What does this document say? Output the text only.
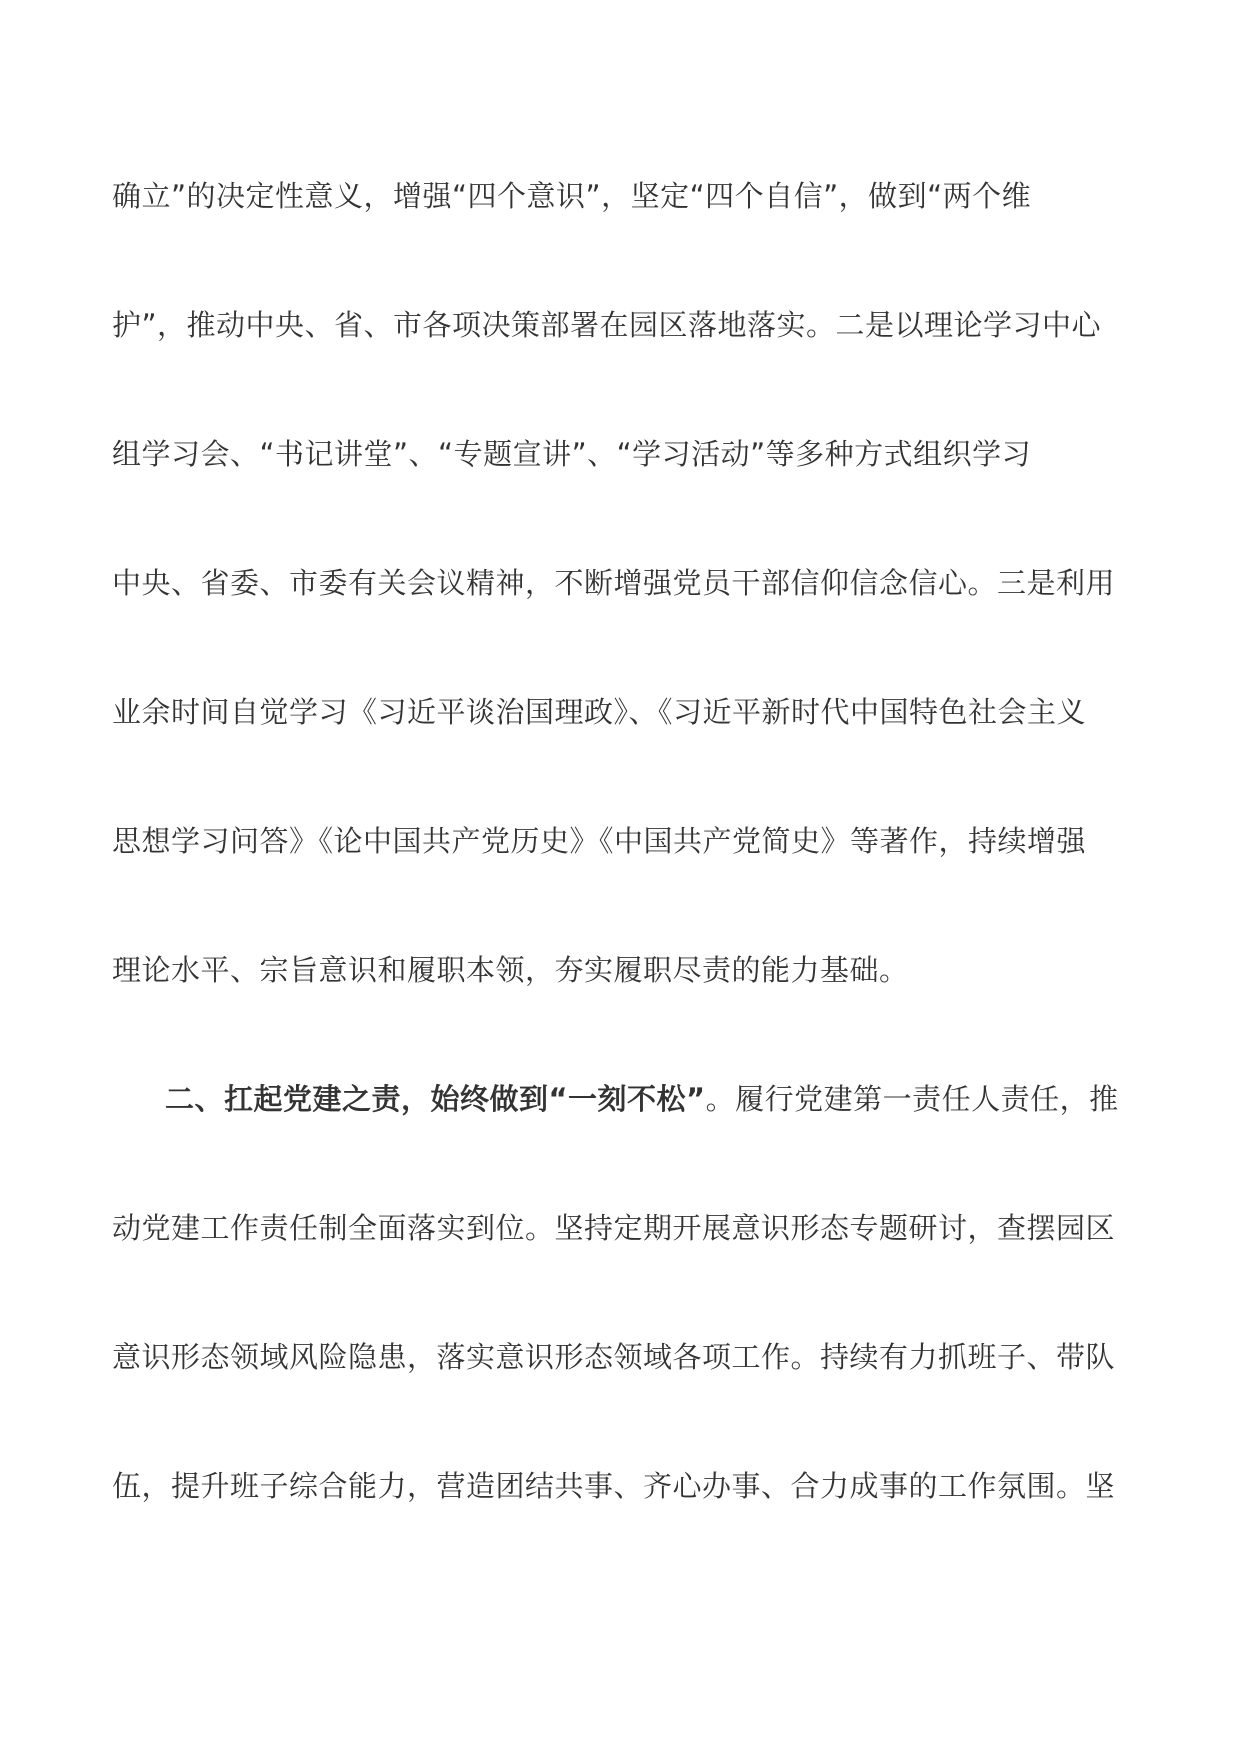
确立”的决定性意义，增强“四个意识”，坚定“四个自信”，做到“两个维
护”，推动中央、省、市各项决策部署在园区落地落实。二是以理论学习中心
组学习会、“书记讲堂”、“专题宣讲”、“学习活动”等多种方式组织学习
中央、省委、市委有关会议精神，不断增强党员干部信仰信念信心。三是利用
业余时间自觉学习《习近平谈治国理政》、《习近平新时代中国特色社会主义
思想学习问答》《论中国共产党历史》《中国共产党简史》等著作，持续增强
理论水平、宗旨意识和履职本领，夯实履职尽责的能力基础。
二、扛起党建之责，始终做到“一刻不松”。履行党建第一责任人责任，推
动党建工作责任制全面落实到位。坚持定期开展意识形态专题研讨，查摆园区
意识形态领域风险隐患，落实意识形态领域各项工作。持续有力抓班子、带队
伍，提升班子综合能力，营造团结共事、齐心办事、合力成事的工作氛围。坚
